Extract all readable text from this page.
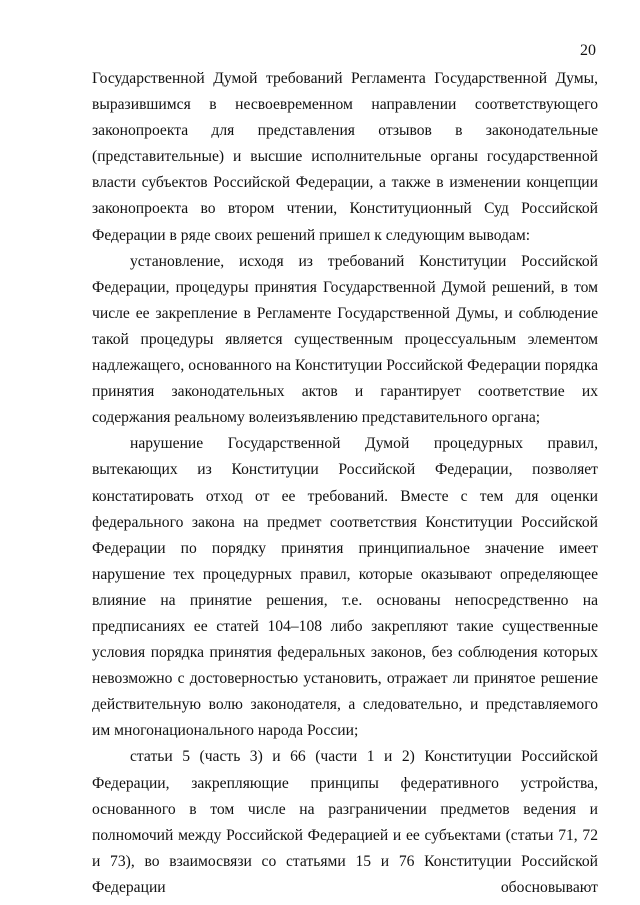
20

Государственной Думой требований Регламента Государственной Думы, выразившимся в несвоевременном направлении соответствующего законопроекта для представления отзывов в законодательные (представительные) и высшие исполнительные органы государственной власти субъектов Российской Федерации, а также в изменении концепции законопроекта во втором чтении, Конституционный Суд Российской Федерации в ряде своих решений пришел к следующим выводам:

установление, исходя из требований Конституции Российской Федерации, процедуры принятия Государственной Думой решений, в том числе ее закрепление в Регламенте Государственной Думы, и соблюдение такой процедуры является существенным процессуальным элементом надлежащего, основанного на Конституции Российской Федерации порядка принятия законодательных актов и гарантирует соответствие их содержания реальному волеизъявлению представительного органа;

нарушение Государственной Думой процедурных правил, вытекающих из Конституции Российской Федерации, позволяет констатировать отход от ее требований. Вместе с тем для оценки федерального закона на предмет соответствия Конституции Российской Федерации по порядку принятия принципиальное значение имеет нарушение тех процедурных правил, которые оказывают определяющее влияние на принятие решения, т.е. основаны непосредственно на предписаниях ее статей 104–108 либо закрепляют такие существенные условия порядка принятия федеральных законов, без соблюдения которых невозможно с достоверностью установить, отражает ли принятое решение действительную волю законодателя, а следовательно, и представляемого им многонационального народа России;

статьи 5 (часть 3) и 66 (части 1 и 2) Конституции Российской Федерации, закрепляющие принципы федеративного устройства, основанного в том числе на разграничении предметов ведения и полномочий между Российской Федерацией и ее субъектами (статьи 71, 72 и 73), во взаимосвязи со статьями 15 и 76 Конституции Российской Федерации обосновывают
